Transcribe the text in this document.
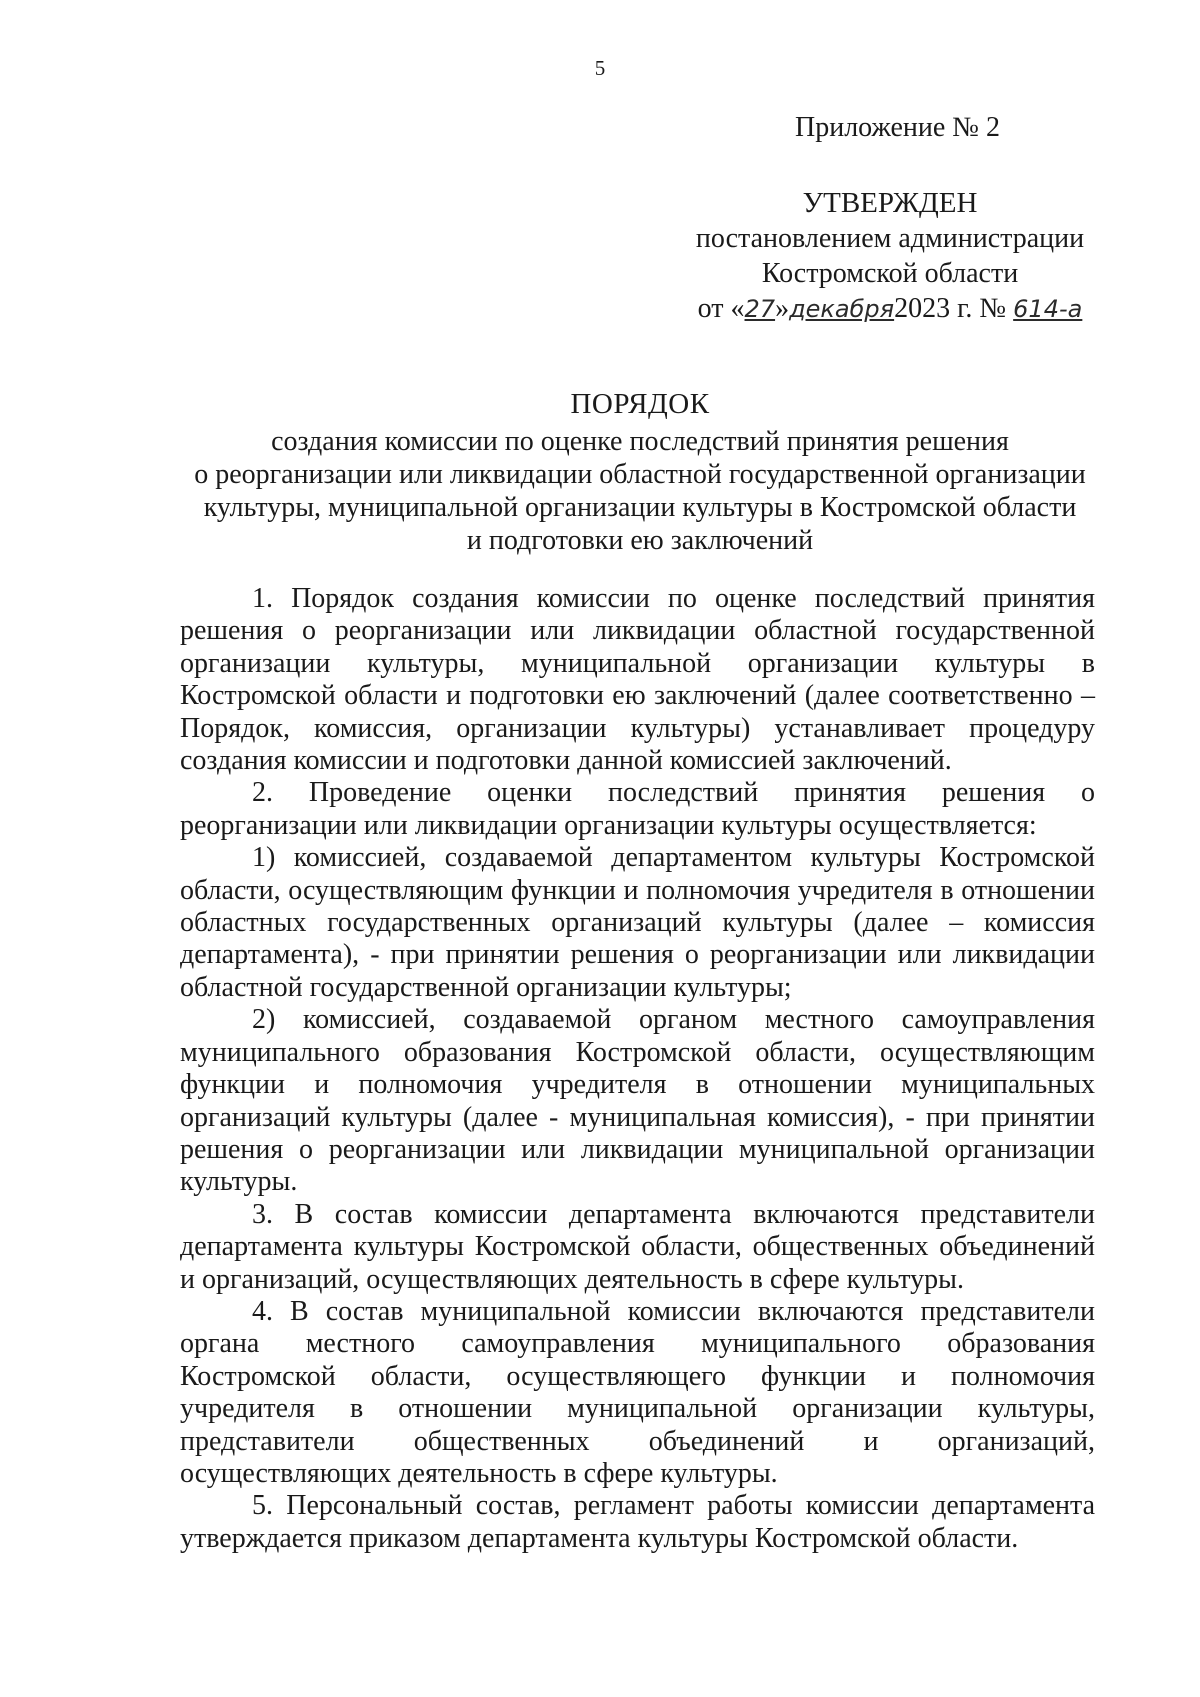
5
Приложение № 2
УТВЕРЖДЕН
постановлением администрации
Костромской области
от «27»декабря2023 г. № 614-а
ПОРЯДОК
создания комиссии по оценке последствий принятия решения
о реорганизации или ликвидации областной государственной организации
культуры, муниципальной организации культуры в Костромской области
и подготовки ею заключений

1. Порядок создания комиссии по оценке последствий принятия решения о реорганизации или ликвидации областной государственной организации культуры, муниципальной организации культуры в Костромской области и подготовки ею заключений (далее соответственно – Порядок, комиссия, организации культуры) устанавливает процедуру создания комиссии и подготовки данной комиссией заключений.

2. Проведение оценки последствий принятия решения о реорганизации или ликвидации организации культуры осуществляется:

1) комиссией, создаваемой департаментом культуры Костромской области, осуществляющим функции и полномочия учредителя в отношении областных государственных организаций культуры (далее – комиссия департамента), - при принятии решения о реорганизации или ликвидации областной государственной организации культуры;

2) комиссией, создаваемой органом местного самоуправления муниципального образования Костромской области, осуществляющим функции и полномочия учредителя в отношении муниципальных организаций культуры (далее - муниципальная комиссия), - при принятии решения о реорганизации или ликвидации муниципальной организации культуры.

3. В состав комиссии департамента включаются представители департамента культуры Костромской области, общественных объединений и организаций, осуществляющих деятельность в сфере культуры.

4. В состав муниципальной комиссии включаются представители органа местного самоуправления муниципального образования Костромской области, осуществляющего функции и полномочия учредителя в отношении муниципальной организации культуры, представители общественных объединений и организаций, осуществляющих деятельность в сфере культуры.

5. Персональный состав, регламент работы комиссии департамента утверждается приказом департамента культуры Костромской области.
